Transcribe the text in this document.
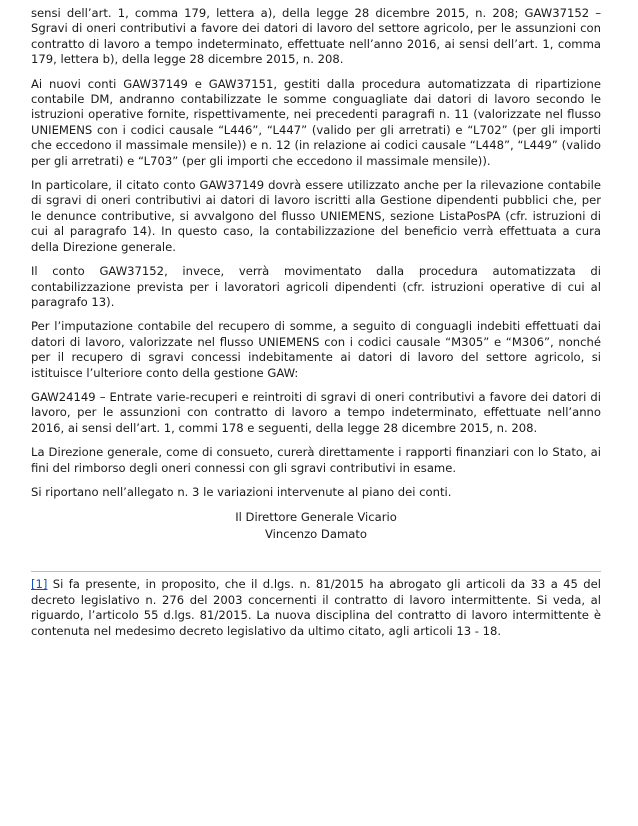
sensi dell’art. 1, comma 179, lettera a), della legge 28 dicembre 2015, n. 208; GAW37152 – Sgravi di oneri contributivi a favore dei datori di lavoro del settore agricolo, per le assunzioni con contratto di lavoro a tempo indeterminato, effettuate nell’anno 2016, ai sensi dell’art. 1, comma 179, lettera b), della legge 28 dicembre 2015, n. 208.

Ai nuovi conti GAW37149 e GAW37151, gestiti dalla procedura automatizzata di ripartizione contabile DM, andranno contabilizzate le somme conguagliate dai datori di lavoro secondo le istruzioni operative fornite, rispettivamente, nei precedenti paragrafi n. 11 (valorizzate nel flusso UNIEMENS con i codici causale “L446”, “L447” (valido per gli arretrati) e “L702” (per gli importi che eccedono il massimale mensile)) e n. 12 (in relazione ai codici causale “L448”, “L449” (valido per gli arretrati) e “L703” (per gli importi che eccedono il massimale mensile)).

In particolare, il citato conto GAW37149 dovrà essere utilizzato anche per la rilevazione contabile di sgravi di oneri contributivi ai datori di lavoro iscritti alla Gestione dipendenti pubblici che, per le denunce contributive, si avvalgono del flusso UNIEMENS, sezione ListaPosPA (cfr. istruzioni di cui al paragrafo 14). In questo caso, la contabilizzazione del beneficio verrà effettuata a cura della Direzione generale.

Il conto GAW37152, invece, verrà movimentato dalla procedura automatizzata di contabilizzazione prevista per i lavoratori agricoli dipendenti (cfr. istruzioni operative di cui al paragrafo 13).

Per l’imputazione contabile del recupero di somme, a seguito di conguagli indebiti effettuati dai datori di lavoro, valorizzate nel flusso UNIEMENS con i codici causale “M305” e “M306”, nonché per il recupero di sgravi concessi indebitamente ai datori di lavoro del settore agricolo, si istituisce l’ulteriore conto della gestione GAW:

GAW24149 – Entrate varie-recuperi e reintroiti di sgravi di oneri contributivi a favore dei datori di lavoro, per le assunzioni con contratto di lavoro a tempo indeterminato, effettuate nell’anno 2016, ai sensi dell’art. 1, commi 178 e seguenti, della legge 28 dicembre 2015, n. 208.

La Direzione generale, come di consueto, curerà direttamente i rapporti finanziari con lo Stato, ai fini del rimborso degli oneri connessi con gli sgravi contributivi in esame.

Si riportano nell’allegato n. 3 le variazioni intervenute al piano dei conti.

Il Direttore Generale Vicario
Vincenzo Damato

[1] Si fa presente, in proposito, che il d.lgs. n. 81/2015 ha abrogato gli articoli da 33 a 45 del decreto legislativo n. 276 del 2003 concernenti il contratto di lavoro intermittente. Si veda, al riguardo, l’articolo 55 d.lgs. 81/2015. La nuova disciplina del contratto di lavoro intermittente è contenuta nel medesimo decreto legislativo da ultimo citato, agli articoli 13 - 18.
